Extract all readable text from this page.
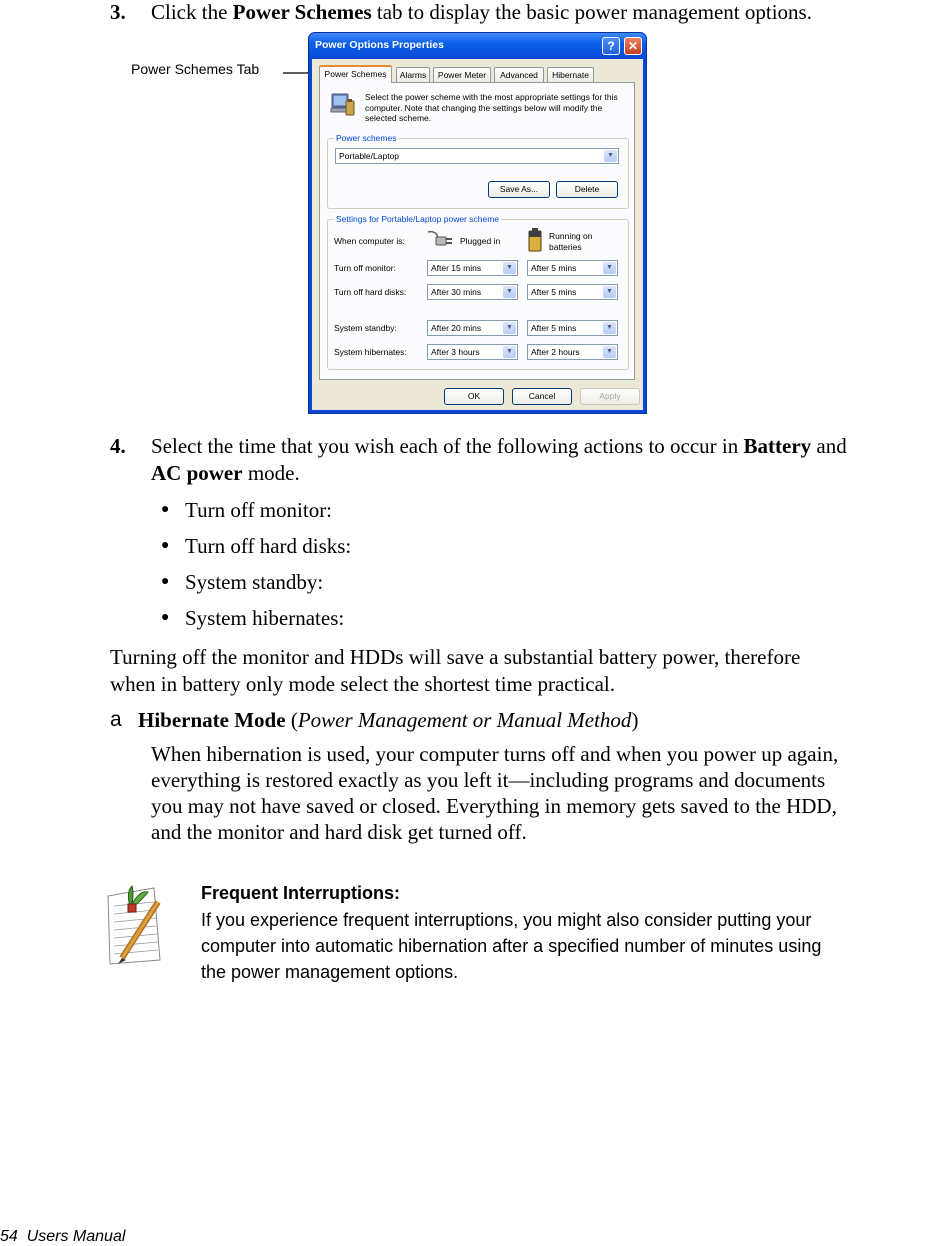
3. Click the Power Schemes tab to display the basic power management options.
Power Schemes Tab
Power Options Properties	?	✕
Power Schemes	Alarms	Power Meter	Advanced	Hibernate
Select the power scheme with the most appropriate settings for this computer. Note that changing the settings below will modify the selected scheme.
Power schemes
Portable/Laptop	▼
Save As...	Delete
Settings for Portable/Laptop power scheme
When computer is:	Plugged in	Running on batteries
Turn off monitor:	After 15 mins	▼	After 5 mins	▼
Turn off hard disks:	After 30 mins	▼	After 5 mins	▼
System standby:	After 20 mins	▼	After 5 mins	▼
System hibernates:	After 3 hours	▼	After 2 hours	▼
OK	Cancel	Apply
4. Select the time that you wish each of the following actions to occur in Battery and
AC power mode.
● Turn off monitor:
● Turn off hard disks:
● System standby:
● System hibernates:
Turning off the monitor and HDDs will save a substantial battery power, therefore
when in battery only mode select the shortest time practical.
a Hibernate Mode (Power Management or Manual Method)
When hibernation is used, your computer turns off and when you power up again,
everything is restored exactly as you left it—including programs and documents
you may not have saved or closed. Everything in memory gets saved to the HDD,
and the monitor and hard disk get turned off.
Frequent Interruptions:
If you experience frequent interruptions, you might also consider putting your
computer into automatic hibernation after a specified number of minutes using
the power management options.
54 Users Manual
